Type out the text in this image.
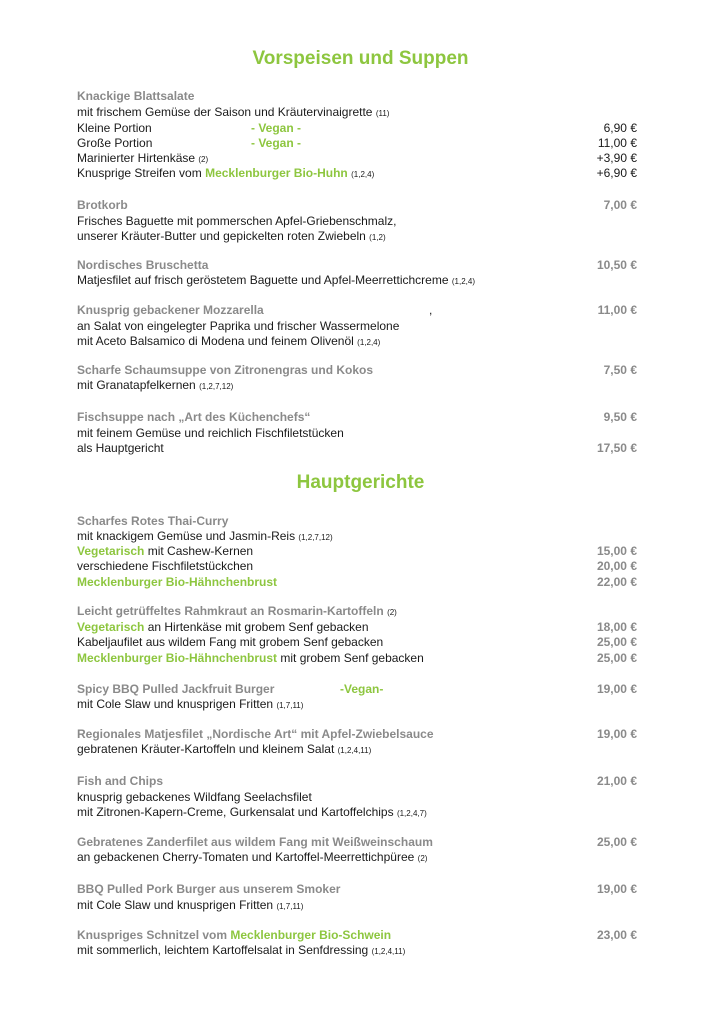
Vorspeisen und Suppen
Knackige Blattsalate
mit frischem Gemüse der Saison und Kräutervinaigrette (11)
Kleine Portion	- Vegan -	6,90 €
Große Portion	- Vegan -	11,00 €
Marinierter Hirtenkäse (2)	+3,90 €
Knusprige Streifen vom Mecklenburger Bio-Huhn (1,2,4)	+6,90 €
Brotkorb	7,00 €
Frisches Baguette mit pommerschen Apfel-Griebenschmalz,
unserer Kräuter-Butter und gepickelten roten Zwiebeln (1,2)
Nordisches Bruschetta	10,50 €
Matjesfilet auf frisch geröstetem Baguette und Apfel-Meerrettichcreme (1,2,4)
Knusprig gebackener Mozzarella	,	11,00 €
an Salat von eingelegter Paprika und frischer Wassermelone
mit Aceto Balsamico di Modena und feinem Olivenöl (1,2,4)
Scharfe Schaumsuppe von Zitronengras und Kokos	7,50 €
mit Granatapfelkernen (1,2,7,12)
Fischsuppe nach „Art des Küchenchefs“	9,50 €
mit feinem Gemüse und reichlich Fischfiletstücken
als Hauptgericht	17,50 €
Hauptgerichte
Scharfes Rotes Thai-Curry
mit knackigem Gemüse und Jasmin-Reis (1,2,7,12)
Vegetarisch mit Cashew-Kernen	15,00 €
verschiedene Fischfiletstückchen	20,00 €
Mecklenburger Bio-Hähnchenbrust	22,00 €
Leicht getrüffeltes Rahmkraut an Rosmarin-Kartoffeln (2)
Vegetarisch an Hirtenkäse mit grobem Senf gebacken	18,00 €
Kabeljaufilet aus wildem Fang mit grobem Senf gebacken	25,00 €
Mecklenburger Bio-Hähnchenbrust mit grobem Senf gebacken	25,00 €
Spicy BBQ Pulled Jackfruit Burger	-Vegan-	19,00 €
mit Cole Slaw und knusprigen Fritten (1,7,11)
Regionales Matjesfilet „Nordische Art“ mit Apfel-Zwiebelsauce	19,00 €
gebratenen Kräuter-Kartoffeln und kleinem Salat (1,2,4,11)
Fish and Chips	21,00 €
knusprig gebackenes Wildfang Seelachsfilet
mit Zitronen-Kapern-Creme, Gurkensalat und Kartoffelchips (1,2,4,7)
Gebratenes Zanderfilet aus wildem Fang mit Weißweinschaum	25,00 €
an gebackenen Cherry-Tomaten und Kartoffel-Meerrettichpüree (2)
BBQ Pulled Pork Burger aus unserem Smoker	19,00 €
mit Cole Slaw und knusprigen Fritten (1,7,11)
Knuspriges Schnitzel vom Mecklenburger Bio-Schwein	23,00 €
mit sommerlich, leichtem Kartoffelsalat in Senfdressing (1,2,4,11)
